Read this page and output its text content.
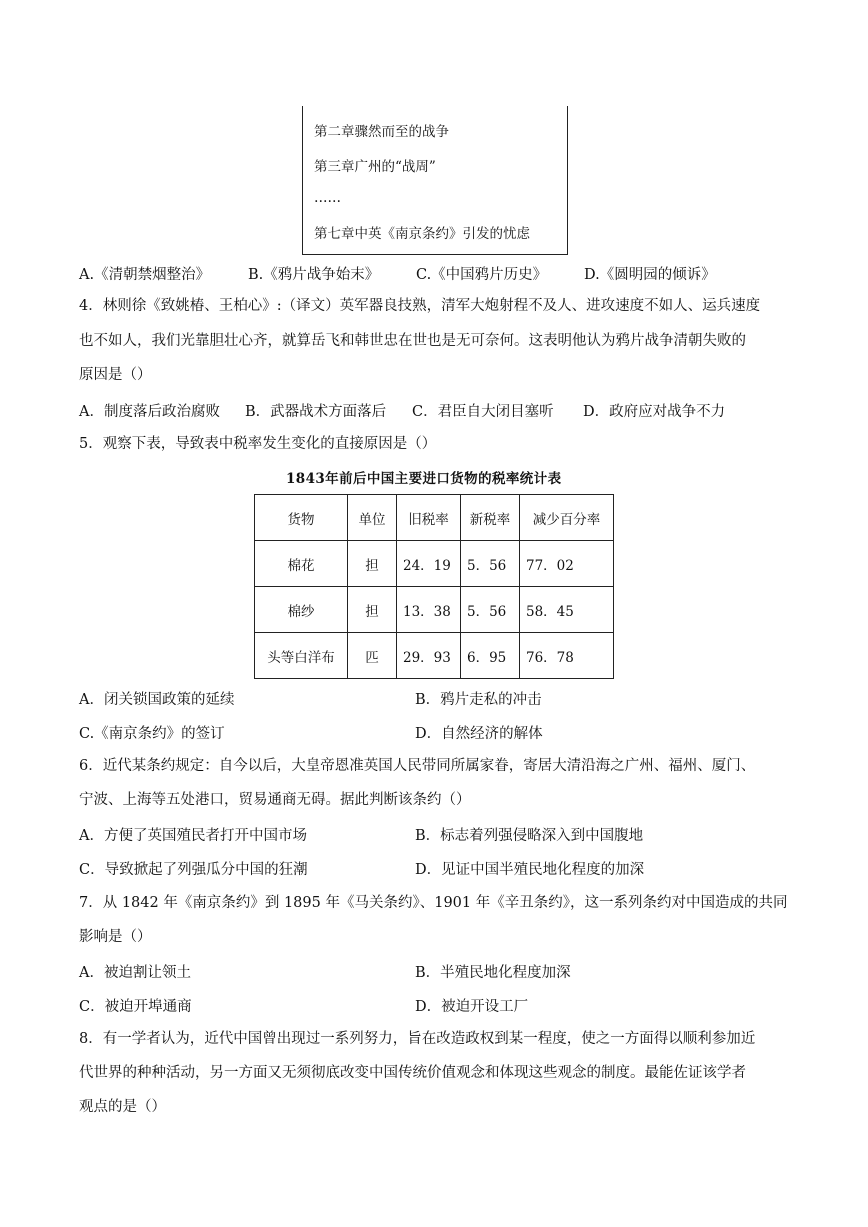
第二章骤然而至的战争
第三章广州的“战周”
……
第七章中英《南京条约》引发的忧虑
A.《清朝禁烟整治》	B.《鸦片战争始末》	C.《中国鸦片历史》	D.《圆明园的倾诉》
4．林则徐《致姚椿、王柏心》:（译文）英军器良技熟，清军大炮射程不及人、进攻速度不如人、运兵速度
也不如人，我们光靠胆壮心齐，就算岳飞和韩世忠在世也是无可奈何。这表明他认为鸦片战争清朝失败的
原因是（）
A．制度落后政治腐败 B．武器战术方面落后 C．君臣自大闭目塞听 D．政府应对战争不力
5．观察下表，导致表中税率发生变化的直接原因是（）
1843年前后中国主要进口货物的税率统计表
货物	单位	旧税率	新税率	减少百分率
棉花	担	24．19	5．56	77．02
棉纱	担	13．38	5．56	58．45
头等白洋布	匹	29．93	6．95	76．78
A．闭关锁国政策的延续	B．鸦片走私的冲击
C.《南京条约》的签订	D．自然经济的解体
6．近代某条约规定：自今以后，大皇帝恩准英国人民带同所属家眷，寄居大清沿海之广州、福州、厦门、
宁波、上海等五处港口，贸易通商无碍。据此判断该条约（）
A．方便了英国殖民者打开中国市场	B．标志着列强侵略深入到中国腹地
C．导致掀起了列强瓜分中国的狂潮	D．见证中国半殖民地化程度的加深
7．从 1842 年《南京条约》到 1895 年《马关条约》、1901 年《辛丑条约》，这一系列条约对中国造成的共同
影响是（）
A．被迫割让领土	B．半殖民地化程度加深
C．被迫开埠通商	D．被迫开设工厂
8．有一学者认为，近代中国曾出现过一系列努力，旨在改造政权到某一程度，使之一方面得以顺利参加近
代世界的种种活动，另一方面又无须彻底改变中国传统价值观念和体现这些观念的制度。最能佐证该学者
观点的是（）
